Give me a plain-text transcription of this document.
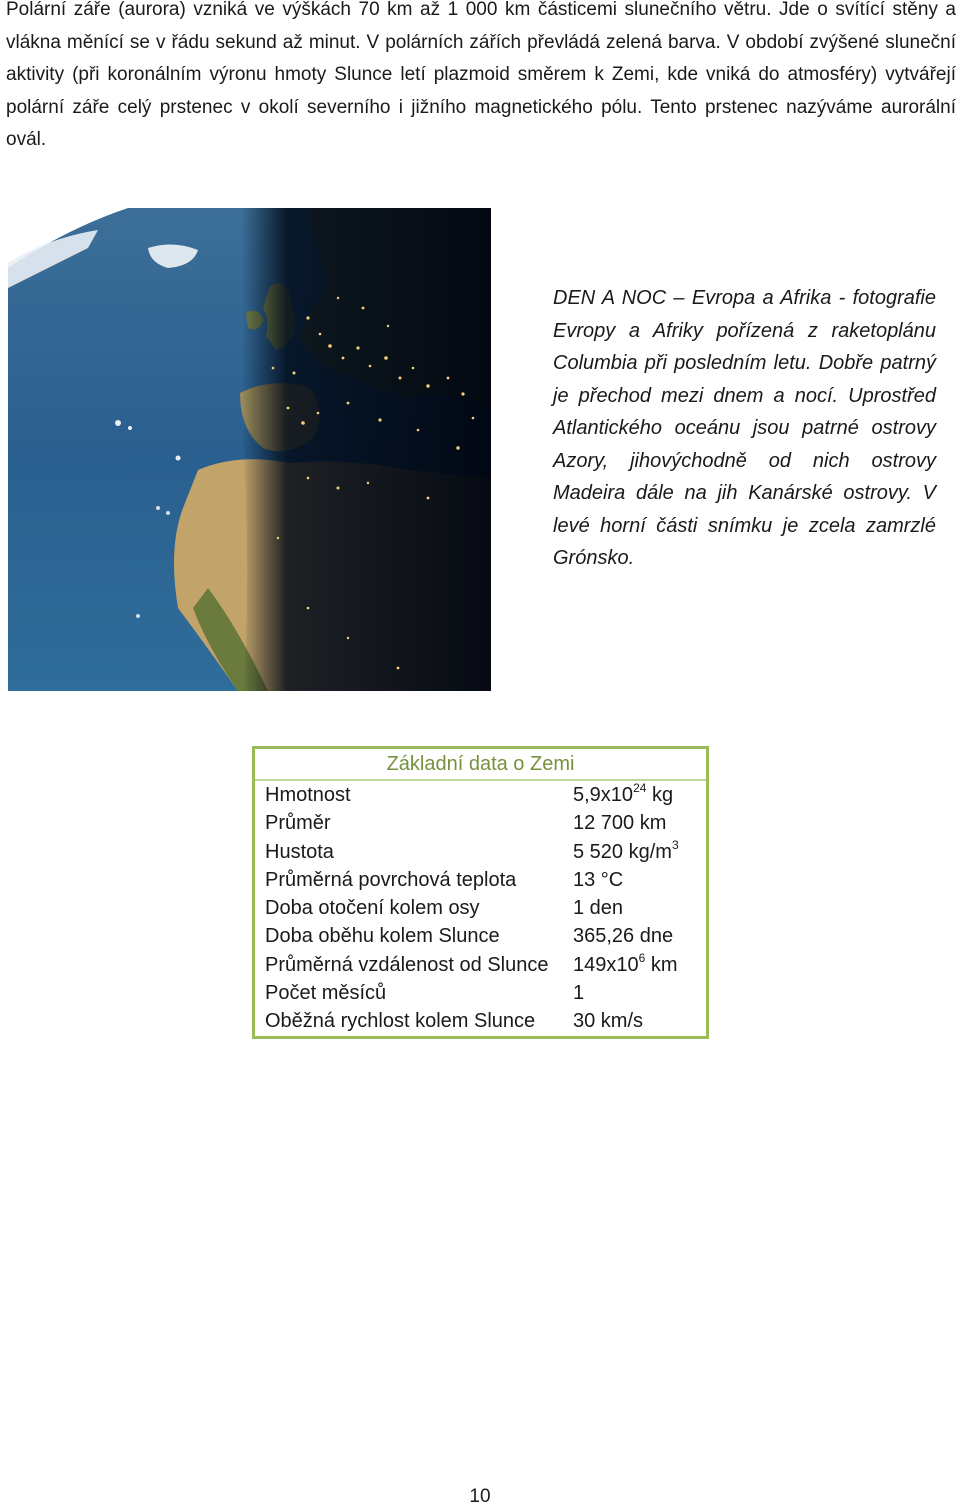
Polární záře (aurora) vzniká ve výškách 70 km až 1 000 km částicemi slunečního větru. Jde o svítící stěny a vlákna měnící se v řádu sekund až minut. V polárních zářích převládá zelená barva. V období zvýšené sluneční aktivity (při koronálním výronu hmoty Slunce letí plazmoid směrem k Zemi, kde vniká do atmosféry) vytvářejí polární záře celý prstenec v okolí severního i jižního magnetického pólu. Tento prstenec nazýváme aurorální ovál.

DEN A NOC – Evropa a Afrika - fotografie Evropy a Afriky pořízená z raketoplánu Columbia při posledním letu. Dobře patrný je přechod mezi dnem a nocí. Uprostřed Atlantického oceánu jsou patrné ostrovy Azory, jihovýchodně od nich ostrovy Madeira dále na jih Kanárské ostrovy. V levé horní části snímku je zcela zamrzlé Grónsko.

Základní data o Zemi
Hmotnost	$5,9x10^{24}$ kg
Průměr	12 700 km
Hustota	5 520 $kg/m^3$
Průměrná povrchová teplota	13 °C
Doba otočení kolem osy	1 den
Doba oběhu kolem Slunce	365,26 dne
Průměrná vzdálenost od Slunce	$149x10^6$ km
Počet měsíců	1
Oběžná rychlost kolem Slunce	30 km/s
10
